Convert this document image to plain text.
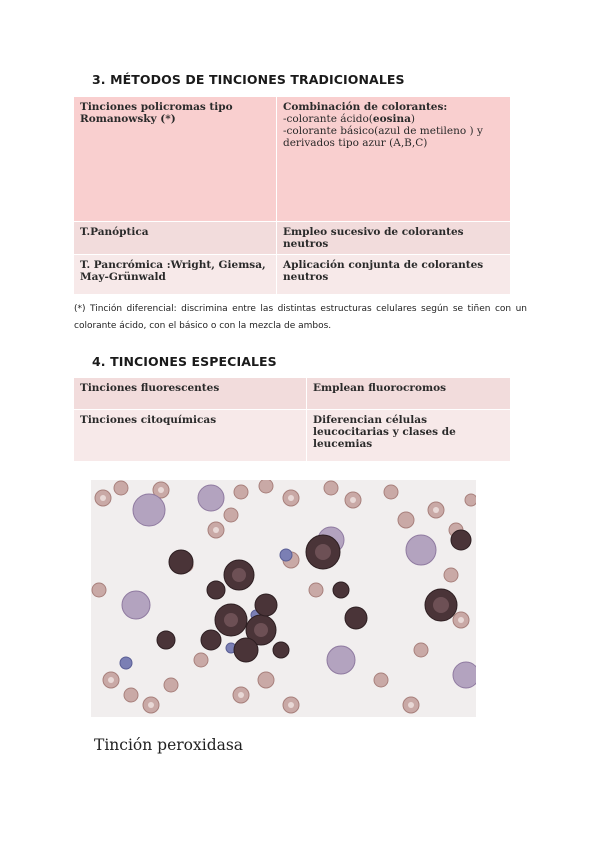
3. MÉTODOS DE TINCIONES TRADICIONALES
Tinciones policromas tipo Romanowsky (*)	Combinación de colorantes:
-colorante ácido(eosina)
-colorante básico(azul de metileno ) y derivados tipo azur (A,B,C)

T.Panóptica	Empleo sucesivo de colorantes neutros
T. Pancrómica :Wright, Giemsa, May-Grünwald	Aplicación conjunta de colorantes neutros
(*) Tinción diferencial: discrimina entre las distintas estructuras celulares según se tiñen con un colorante ácido, con el básico o con la mezcla de ambos.
4. TINCIONES ESPECIALES
Tinciones fluorescentes	Emplean fluorocromos
Tinciones citoquímicas	Diferencian células leucocitarias y clases de leucemias
Tinción peroxidasa
